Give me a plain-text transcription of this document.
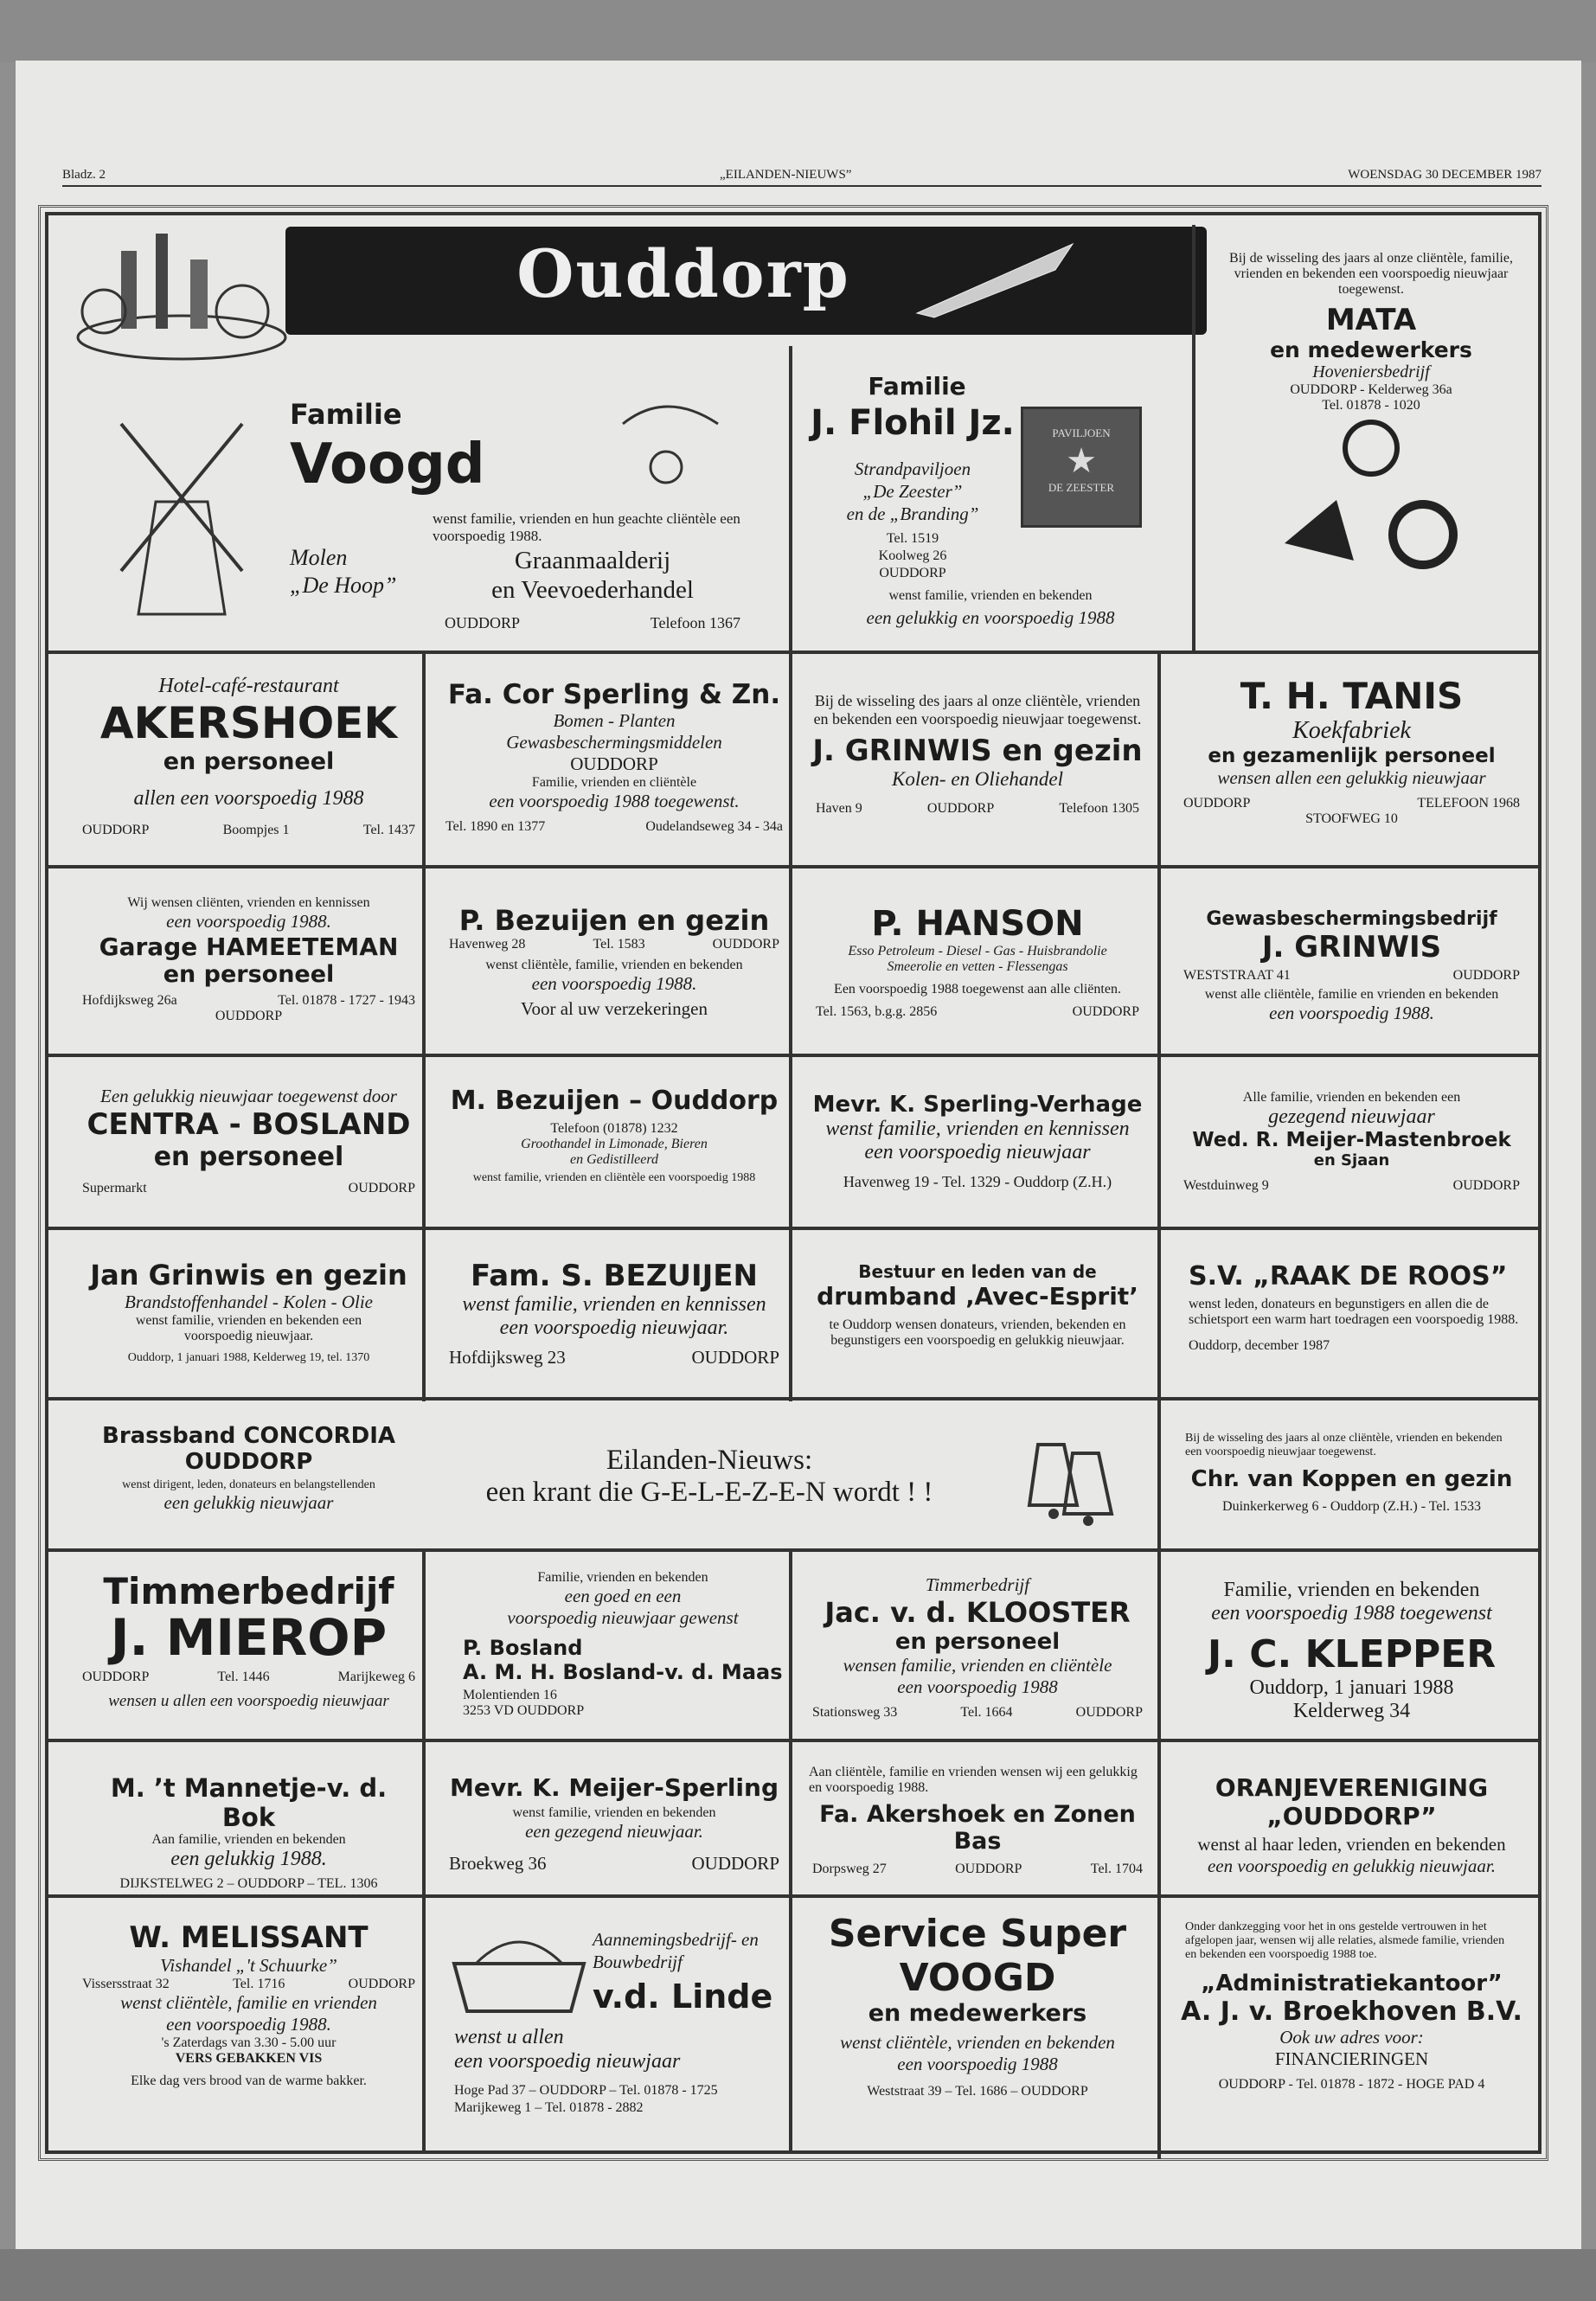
Bladz. 2	„EILANDEN-NIEUWS”	WOENSDAG 30 DECEMBER 1987
Ouddorp
Familie
Voogd
Molen
„De Hoop”
wenst familie, vrienden en hun geachte cliëntèle een voorspoedig 1988.
Graanmaalderij
en Veevoederhandel
OUDDORP	Telefoon 1367
Familie
J. Flohil Jz.	PAVILJOEN
★
DE ZEESTER
Strandpaviljoen
„De Zeester”
en de „Branding”
Tel. 1519
Koolweg 26
OUDDORP
wenst familie, vrienden en bekenden
een gelukkig en voorspoedig 1988
Bij de wisseling des jaars al onze cliëntèle, familie, vrienden en bekenden een voorspoedig nieuwjaar toegewenst.
MATA
en medewerkers
Hoveniersbedrijf
OUDDORP - Kelderweg 36a
Tel. 01878 - 1020
Hotel-café-restaurant
AKERSHOEK
en personeel
allen een voorspoedig 1988
OUDDORP	Boompjes 1	Tel. 1437
Fa. Cor Sperling & Zn.
Bomen - Planten
Gewasbeschermingsmiddelen
OUDDORP
Familie, vrienden en cliëntèle
een voorspoedig 1988 toegewenst.
Tel. 1890 en 1377	Oudelandseweg 34 - 34a
Bij de wisseling des jaars al onze cliëntèle, vrienden en bekenden een voorspoedig nieuwjaar toegewenst.
J. GRINWIS en gezin
Kolen- en Oliehandel
Haven 9	OUDDORP	Telefoon 1305
T. H. TANIS
Koekfabriek
en gezamenlijk personeel
wensen allen een gelukkig nieuwjaar
OUDDORP	TELEFOON 1968
STOOFWEG 10
Wij wensen cliënten, vrienden en kennissen
een voorspoedig 1988.
Garage HAMEETEMAN
en personeel
Hofdijksweg 26a	Tel. 01878 - 1727 - 1943
OUDDORP
P. Bezuijen en gezin
Havenweg 28	Tel. 1583	OUDDORP
wenst cliëntèle, familie, vrienden en bekenden
een voorspoedig 1988.
Voor al uw verzekeringen
P. HANSON
Esso Petroleum - Diesel - Gas - Huisbrandolie
Smeerolie en vetten - Flessengas
Een voorspoedig 1988 toegewenst aan alle cliënten.
Tel. 1563, b.g.g. 2856	OUDDORP
Gewasbeschermingsbedrijf
J. GRINWIS
WESTSTRAAT 41	OUDDORP
wenst alle cliëntèle, familie en vrienden en bekenden
een voorspoedig 1988.
Een gelukkig nieuwjaar toegewenst door
CENTRA - BOSLAND
en personeel
Supermarkt	OUDDORP
M. Bezuijen – Ouddorp
Telefoon (01878) 1232
Groothandel in Limonade, Bieren
en Gedistilleerd
wenst familie, vrienden en cliëntèle een voorspoedig 1988
Mevr. K. Sperling-Verhage
wenst familie, vrienden en kennissen
een voorspoedig nieuwjaar
Havenweg 19 - Tel. 1329 - Ouddorp (Z.H.)
Alle familie, vrienden en bekenden een
gezegend nieuwjaar
Wed. R. Meijer-Mastenbroek
en Sjaan
Westduinweg 9	OUDDORP
Jan Grinwis en gezin
Brandstoffenhandel - Kolen - Olie
wenst familie, vrienden en bekenden een voorspoedig nieuwjaar.
Ouddorp, 1 januari 1988, Kelderweg 19, tel. 1370
Fam. S. BEZUIJEN
wenst familie, vrienden en kennissen
een voorspoedig nieuwjaar.
Hofdijksweg 23	OUDDORP
Bestuur en leden van de
drumband ‚Avec-Esprit’
te Ouddorp wensen donateurs, vrienden, bekenden en begunstigers een voorspoedig en gelukkig nieuwjaar.
S.V. „RAAK DE ROOS”
wenst leden, donateurs en begunstigers en allen die de schietsport een warm hart toedragen een voorspoedig 1988.
Ouddorp, december 1987
Brassband CONCORDIA
OUDDORP
wenst dirigent, leden, donateurs en belangstellenden
een gelukkig nieuwjaar
Eilanden-Nieuws:
een krant die G-E-L-E-Z-E-N wordt ! !
Bij de wisseling des jaars al onze cliëntèle, vrienden en bekenden een voorspoedig nieuwjaar toegewenst.
Chr. van Koppen en gezin
Duinkerkerweg 6 - Ouddorp (Z.H.) - Tel. 1533
Timmerbedrijf
J. MIEROP
OUDDORP	Tel. 1446	Marijkeweg 6
wensen u allen een voorspoedig nieuwjaar
Familie, vrienden en bekenden
een goed en een
voorspoedig nieuwjaar gewenst
P. Bosland
A. M. H. Bosland-v. d. Maas
Molentienden 16
3253 VD OUDDORP
Timmerbedrijf
Jac. v. d. KLOOSTER
en personeel
wensen familie, vrienden en cliëntèle
een voorspoedig 1988
Stationsweg 33	Tel. 1664	OUDDORP
Familie, vrienden en bekenden
een voorspoedig 1988 toegewenst
J. C. KLEPPER
Ouddorp, 1 januari 1988
Kelderweg 34
M. ’t Mannetje-v. d. Bok
Aan familie, vrienden en bekenden
een gelukkig 1988.
DIJKSTELWEG 2 – OUDDORP – TEL. 1306
Mevr. K. Meijer-Sperling
wenst familie, vrienden en bekenden
een gezegend nieuwjaar.
Broekweg 36	OUDDORP
Aan cliëntèle, familie en vrienden wensen wij een gelukkig en voorspoedig 1988.
Fa. Akershoek en Zonen
Bas
Dorpsweg 27	OUDDORP	Tel. 1704
ORANJEVERENIGING
„OUDDORP”
wenst al haar leden, vrienden en bekenden
een voorspoedig en gelukkig nieuwjaar.
W. MELISSANT
Vishandel „'t Schuurke”
Vissersstraat 32	Tel. 1716	OUDDORP
wenst cliëntèle, familie en vrienden
een voorspoedig 1988.
's Zaterdags van 3.30 - 5.00 uur
VERS GEBAKKEN VIS
Elke dag vers brood van de warme bakker.
Aannemingsbedrijf- en
Bouwbedrijf
v.d. Linde
wenst u allen
een voorspoedig nieuwjaar
Hoge Pad 37 – OUDDORP – Tel. 01878 - 1725
Marijkeweg 1 – Tel. 01878 - 2882
Service Super
VOOGD
en medewerkers
wenst cliëntèle, vrienden en bekenden
een voorspoedig 1988
Weststraat 39 – Tel. 1686 – OUDDORP
Onder dankzegging voor het in ons gestelde vertrouwen in het afgelopen jaar, wensen wij alle relaties, alsmede familie, vrienden en bekenden een voorspoedig 1988 toe.
„Administratiekantoor”
A. J. v. Broekhoven B.V.
Ook uw adres voor:
FINANCIERINGEN
OUDDORP - Tel. 01878 - 1872 - HOGE PAD 4
